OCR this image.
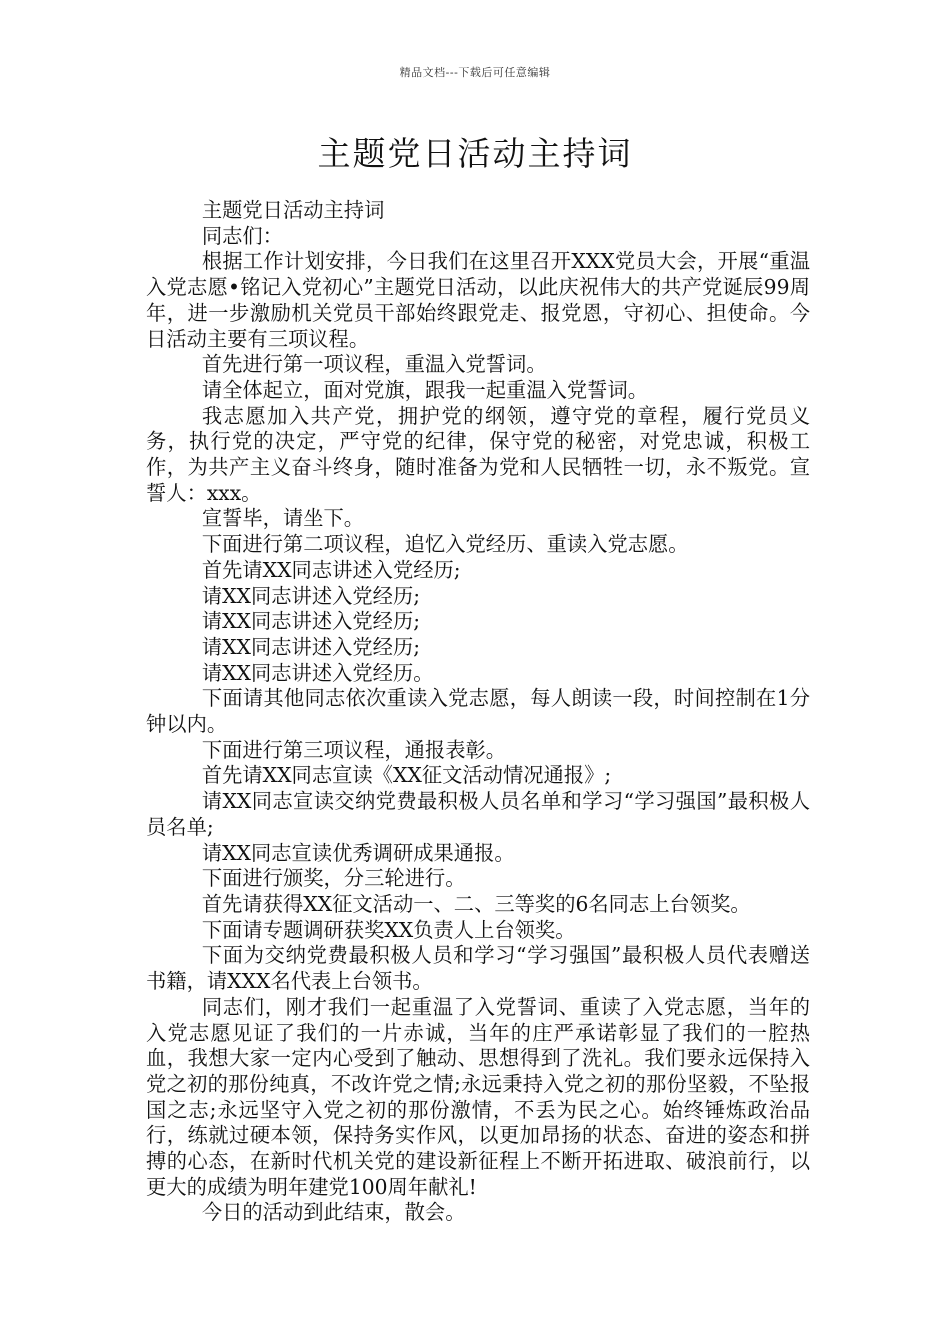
精品文档---下载后可任意编辑
主题党日活动主持词

主题党日活动主持词

同志们：

根据工作计划安排，今日我们在这里召开XXX党员大会，开展“重温入党志愿•铭记入党初心”主题党日活动，以此庆祝伟大的共产党诞辰99周年，进一步激励机关党员干部始终跟党走、报党恩，守初心、担使命。今日活动主要有三项议程。

首先进行第一项议程，重温入党誓词。

请全体起立，面对党旗，跟我一起重温入党誓词。

我志愿加入共产党，拥护党的纲领，遵守党的章程，履行党员义务，执行党的决定，严守党的纪律，保守党的秘密，对党忠诚，积极工作，为共产主义奋斗终身，随时准备为党和人民牺牲一切，永不叛党。宣誓人：xxx。

宣誓毕，请坐下。

下面进行第二项议程，追忆入党经历、重读入党志愿。

首先请XX同志讲述入党经历;

请XX同志讲述入党经历;

请XX同志讲述入党经历;

请XX同志讲述入党经历;

请XX同志讲述入党经历。

下面请其他同志依次重读入党志愿，每人朗读一段，时间控制在1分钟以内。

下面进行第三项议程，通报表彰。

首先请XX同志宣读《XX征文活动情况通报》;

请XX同志宣读交纳党费最积极人员名单和学习“学习强国”最积极人员名单;

请XX同志宣读优秀调研成果通报。

下面进行颁奖，分三轮进行。

首先请获得XX征文活动一、二、三等奖的6名同志上台领奖。

下面请专题调研获奖XX负责人上台领奖。

下面为交纳党费最积极人员和学习“学习强国”最积极人员代表赠送书籍，请XXX名代表上台领书。

同志们，刚才我们一起重温了入党誓词、重读了入党志愿，当年的入党志愿见证了我们的一片赤诚，当年的庄严承诺彰显了我们的一腔热血，我想大家一定内心受到了触动、思想得到了洗礼。我们要永远保持入党之初的那份纯真，不改许党之情;永远秉持入党之初的那份坚毅，不坠报国之志;永远坚守入党之初的那份激情，不丢为民之心。始终锤炼政治品行，练就过硬本领，保持务实作风，以更加昂扬的状态、奋进的姿态和拼搏的心态，在新时代机关党的建设新征程上不断开拓进取、破浪前行，以更大的成绩为明年建党100周年献礼!

今日的活动到此结束，散会。
